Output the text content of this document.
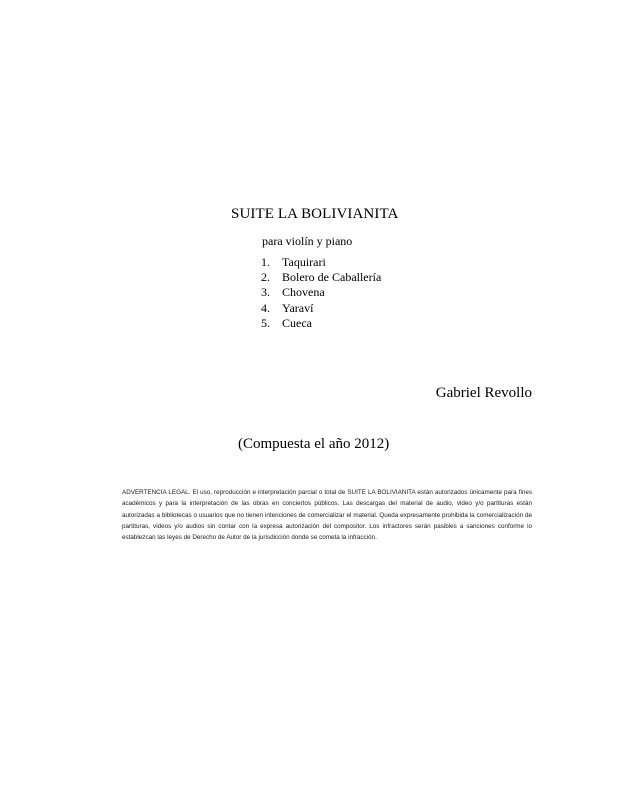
SUITE LA BOLIVIANITA
para violín y piano
1. Taquirari
2. Bolero de Caballería
3. Chovena
4. Yaraví
5. Cueca
Gabriel Revollo
(Compuesta el año 2012)
ADVERTENCIA LEGAL. El uso, reproducción e interpretación parcial o total de SUITE LA BOLIVIANITA están autorizados únicamente para fines académicos y para la interpretación de las obras en conciertos públicos. Las descargas del material de audio, video y/o partituras están autorizadas a bibliotecas o usuarios que no tienen intenciones de comercializar el material. Queda expresamente prohibida la comercialización de partituras, videos y/o audios sin contar con la expresa autorización del compositor. Los infractores serán pasibles a sanciones conforme lo establezcan las leyes de Derecho de Autor de la jurisdicción donde se cometa la infracción.
